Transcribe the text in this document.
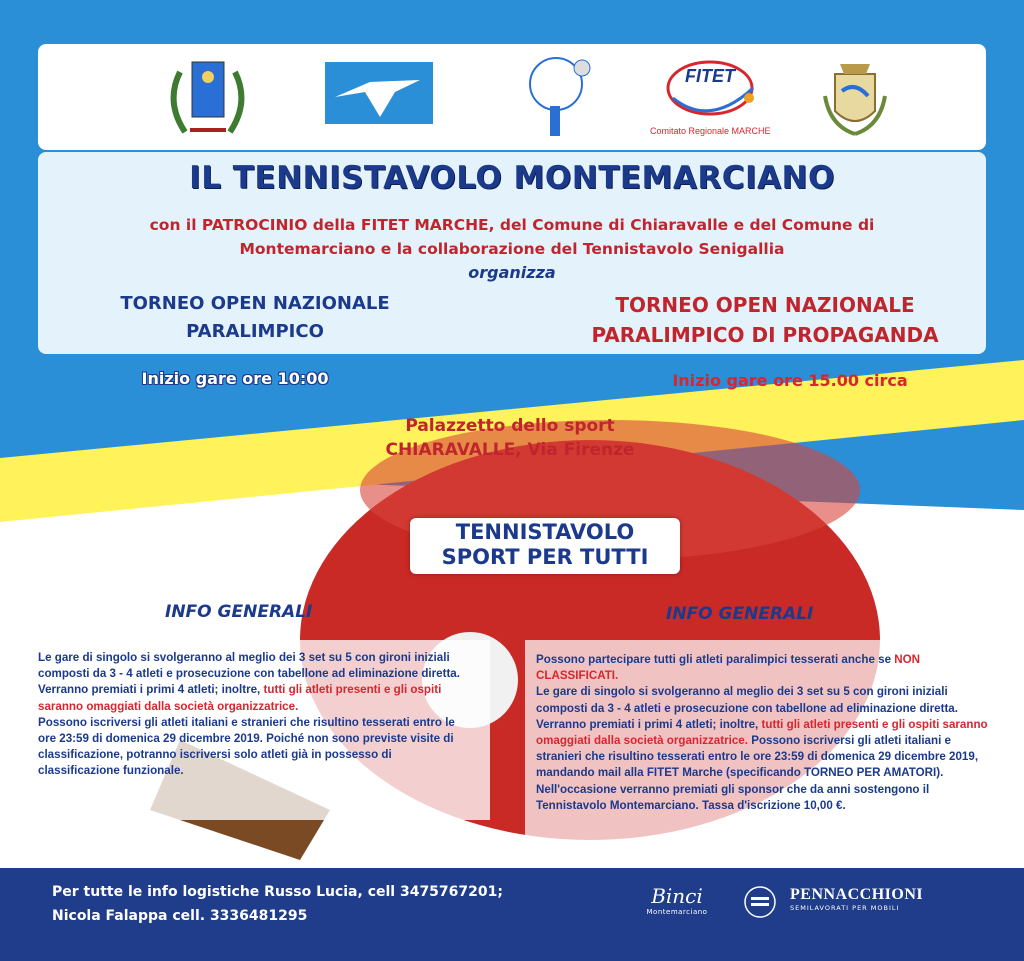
FITET
Comitato Regionale MARCHE
IL TENNISTAVOLO MONTEMARCIANO
con il PATROCINIO della FITET MARCHE, del Comune di Chiaravalle e del Comune di Montemarciano e la collaborazione del Tennistavolo Senigallia
organizza
TORNEO OPEN NAZIONALE PARALIMPICO
TORNEO OPEN NAZIONALE PARALIMPICO DI PROPAGANDA
Inizio gare ore 10:00	Inizio gare ore 15.00 circa
Palazzetto dello sport
CHIARAVALLE, Via Firenze
TENNISTAVOLO
SPORT PER TUTTI
INFO GENERALI	INFO GENERALI
Le gare di singolo si svolgeranno al meglio dei 3 set su 5 con gironi iniziali composti da 3 - 4 atleti e prosecuzione con tabellone ad eliminazione diretta. Verranno premiati i primi 4 atleti; inoltre, tutti gli atleti presenti e gli ospiti saranno omaggiati dalla società organizzatrice.
Possono iscriversi gli atleti italiani e stranieri che risultino tesserati entro le ore 23:59 di domenica 29 dicembre 2019. Poiché non sono previste visite di classificazione, potranno iscriversi solo atleti già in possesso di classificazione funzionale.
Possono partecipare tutti gli atleti paralimpici tesserati anche se NON CLASSIFICATI.
Le gare di singolo si svolgeranno al meglio dei 3 set su 5 con gironi iniziali composti da 3 - 4 atleti e prosecuzione con tabellone ad eliminazione diretta. Verranno premiati i primi 4 atleti; inoltre, tutti gli atleti presenti e gli ospiti saranno omaggiati dalla società organizzatrice. Possono iscriversi gli atleti italiani e stranieri che risultino tesserati entro le ore 23:59 di domenica 29 dicembre 2019, mandando mail alla FITET Marche (specificando TORNEO PER AMATORI). Nell'occasione verranno premiati gli sponsor che da anni sostengono il Tennistavolo Montemarciano. Tassa d'iscrizione 10,00 €.
Per tutte le info logistiche Russo Lucia, cell 3475767201;
Nicola Falappa cell. 3336481295
Binci
Montemarciano
PENNACCHIONI
SEMILAVORATI PER MOBILI
